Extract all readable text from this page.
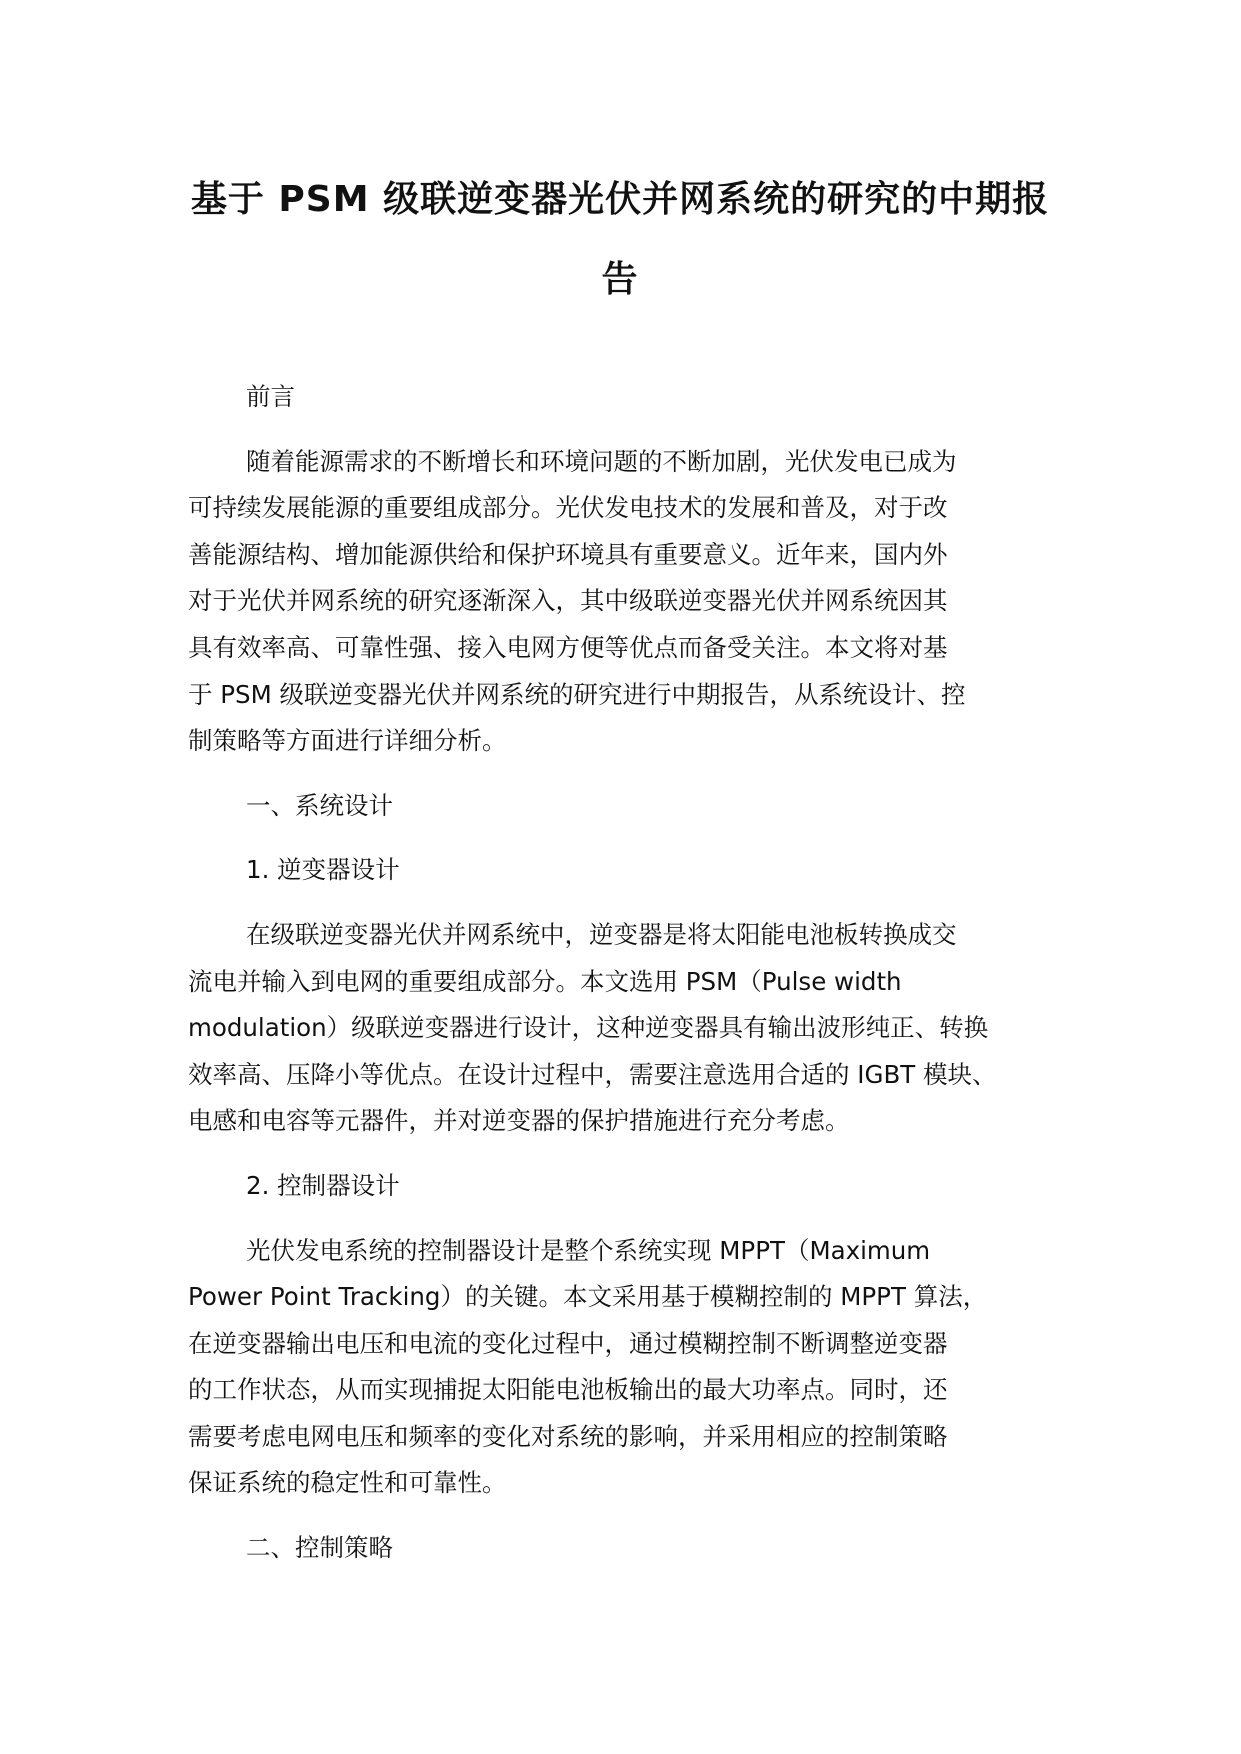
基于 PSM 级联逆变器光伏并网系统的研究的中期报
告

前言

随着能源需求的不断增长和环境问题的不断加剧，光伏发电已成为
可持续发展能源的重要组成部分。光伏发电技术的发展和普及，对于改
善能源结构、增加能源供给和保护环境具有重要意义。近年来，国内外
对于光伏并网系统的研究逐渐深入，其中级联逆变器光伏并网系统因其
具有效率高、可靠性强、接入电网方便等优点而备受关注。本文将对基
于 PSM 级联逆变器光伏并网系统的研究进行中期报告，从系统设计、控
制策略等方面进行详细分析。

一、系统设计

1. 逆变器设计

在级联逆变器光伏并网系统中，逆变器是将太阳能电池板转换成交
流电并输入到电网的重要组成部分。本文选用 PSM（Pulse width
modulation）级联逆变器进行设计，这种逆变器具有输出波形纯正、转换
效率高、压降小等优点。在设计过程中，需要注意选用合适的 IGBT 模块、
电感和电容等元器件，并对逆变器的保护措施进行充分考虑。

2. 控制器设计

光伏发电系统的控制器设计是整个系统实现 MPPT（Maximum
Power Point Tracking）的关键。本文采用基于模糊控制的 MPPT 算法，
在逆变器输出电压和电流的变化过程中，通过模糊控制不断调整逆变器
的工作状态，从而实现捕捉太阳能电池板输出的最大功率点。同时，还
需要考虑电网电压和频率的变化对系统的影响，并采用相应的控制策略
保证系统的稳定性和可靠性。

二、控制策略
